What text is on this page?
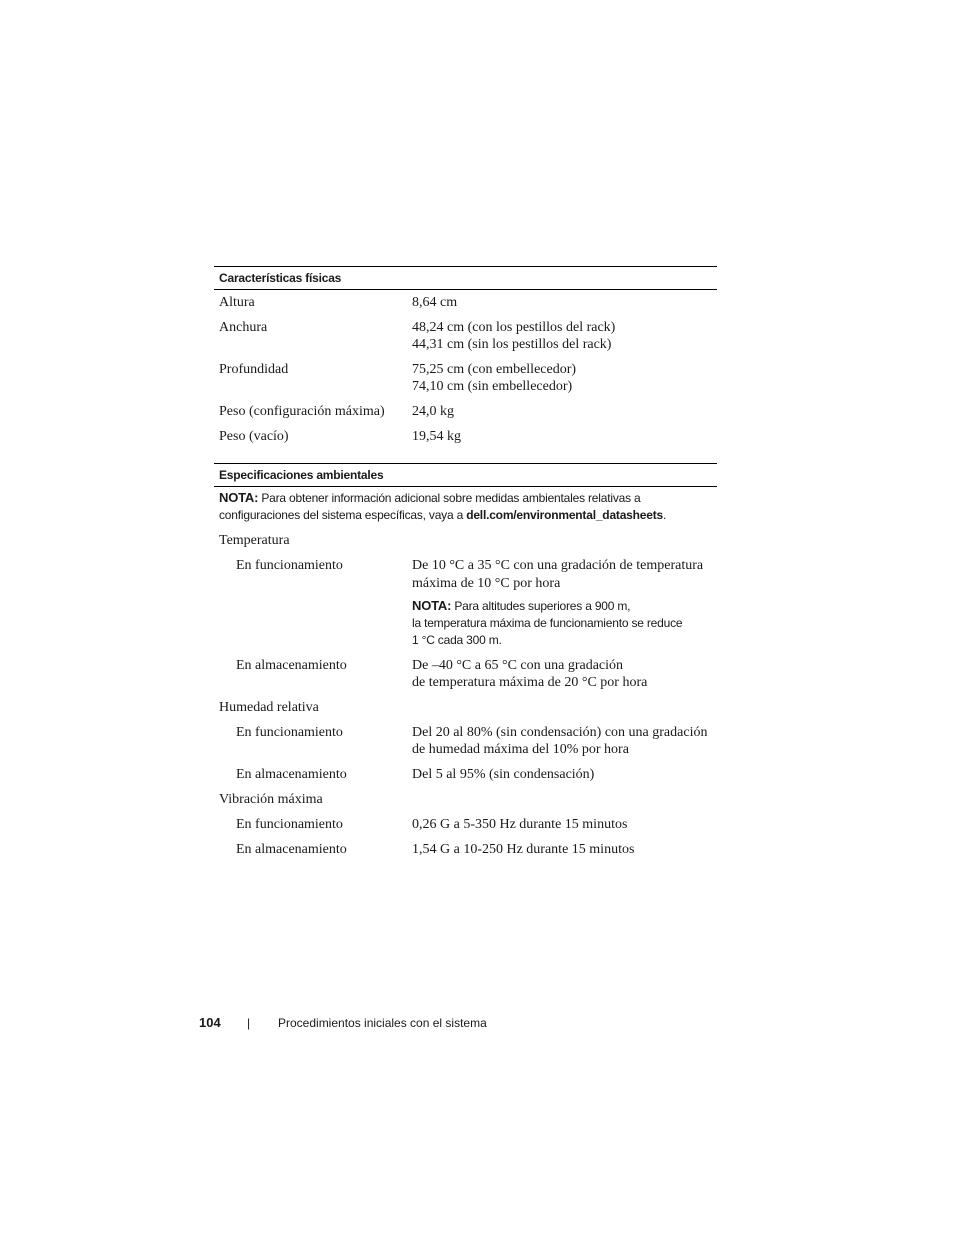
Características físicas
Altura	8,64 cm
Anchura	48,24 cm (con los pestillos del rack)
44,31 cm (sin los pestillos del rack)
Profundidad	75,25 cm (con embellecedor)
74,10 cm (sin embellecedor)
Peso (configuración máxima) 24,0 kg
Peso (vacío)	19,54 kg
Especificaciones ambientales
NOTA: Para obtener información adicional sobre medidas ambientales relativas a
configuraciones del sistema específicas, vaya a dell.com/environmental_datasheets.
Temperatura
En funcionamiento	De 10 °C a 35 °C con una gradación de temperatura
máxima de 10 °C por hora
NOTA: Para altitudes superiores a 900 m,
la temperatura máxima de funcionamiento se reduce
1 °C cada 300 m.
En almacenamiento	De –40 °C a 65 °C con una gradación
de temperatura máxima de 20 °C por hora
Humedad relativa
En funcionamiento	Del 20 al 80% (sin condensación) con una gradación
de humedad máxima del 10% por hora
En almacenamiento	Del 5 al 95% (sin condensación)
Vibración máxima
En funcionamiento	0,26 G a 5-350 Hz durante 15 minutos
En almacenamiento	1,54 G a 10-250 Hz durante 15 minutos
104 | Procedimientos iniciales con el sistema
